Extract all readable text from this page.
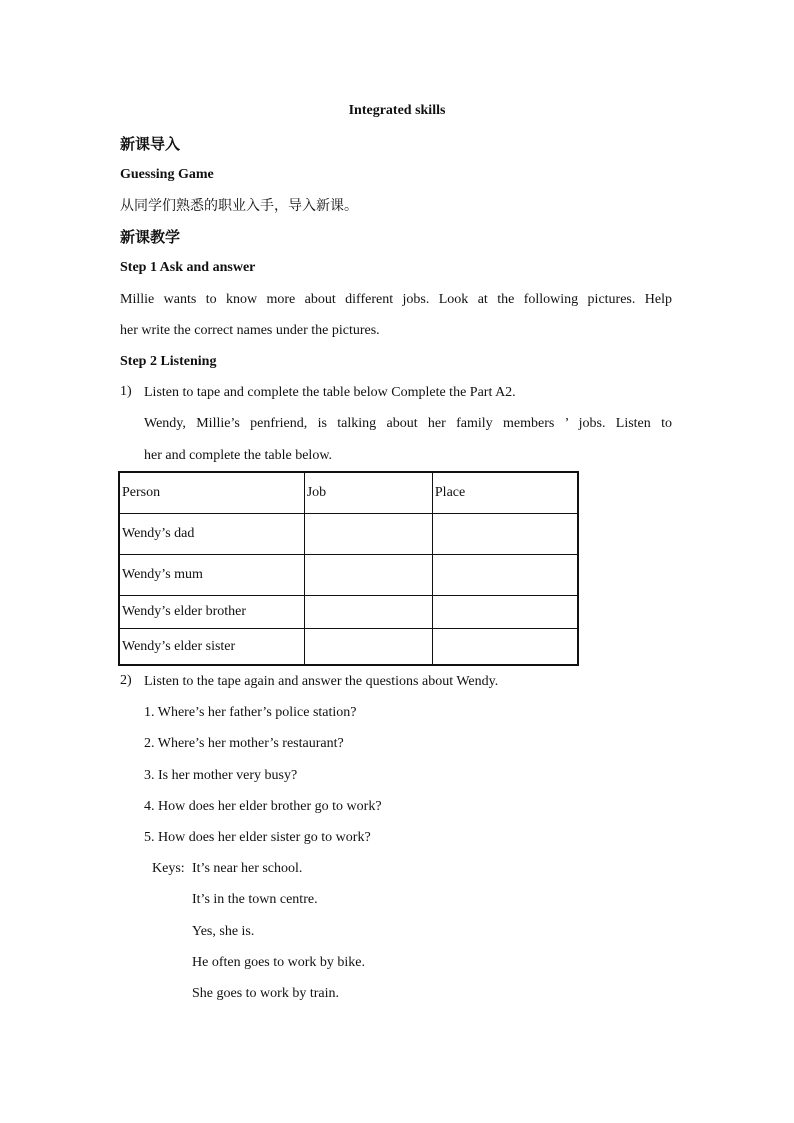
Integrated skills
新课导入
Guessing Game
从同学们熟悉的职业入手，导入新课。
新课教学
Step 1 Ask and answer
Millie wants to know more about different jobs. Look at the following pictures. Help
her write the correct names under the pictures.
Step 2 Listening
1) Listen to tape and complete the table below Complete the Part A2.
Wendy, Millie’s penfriend, is talking about her family members ’ jobs. Listen to
her and complete the table below.
Person	Job	Place
Wendy’s dad		
Wendy’s mum		
Wendy’s elder brother		
Wendy’s elder sister		
2) Listen to the tape again and answer the questions about Wendy.
1. Where’s her father’s police station?
2. Where’s her mother’s restaurant?
3. Is her mother very busy?
4. How does her elder brother go to work?
5. How does her elder sister go to work?
Keys: It’s near her school.
It’s in the town centre.
Yes, she is.
He often goes to work by bike.
She goes to work by train.
